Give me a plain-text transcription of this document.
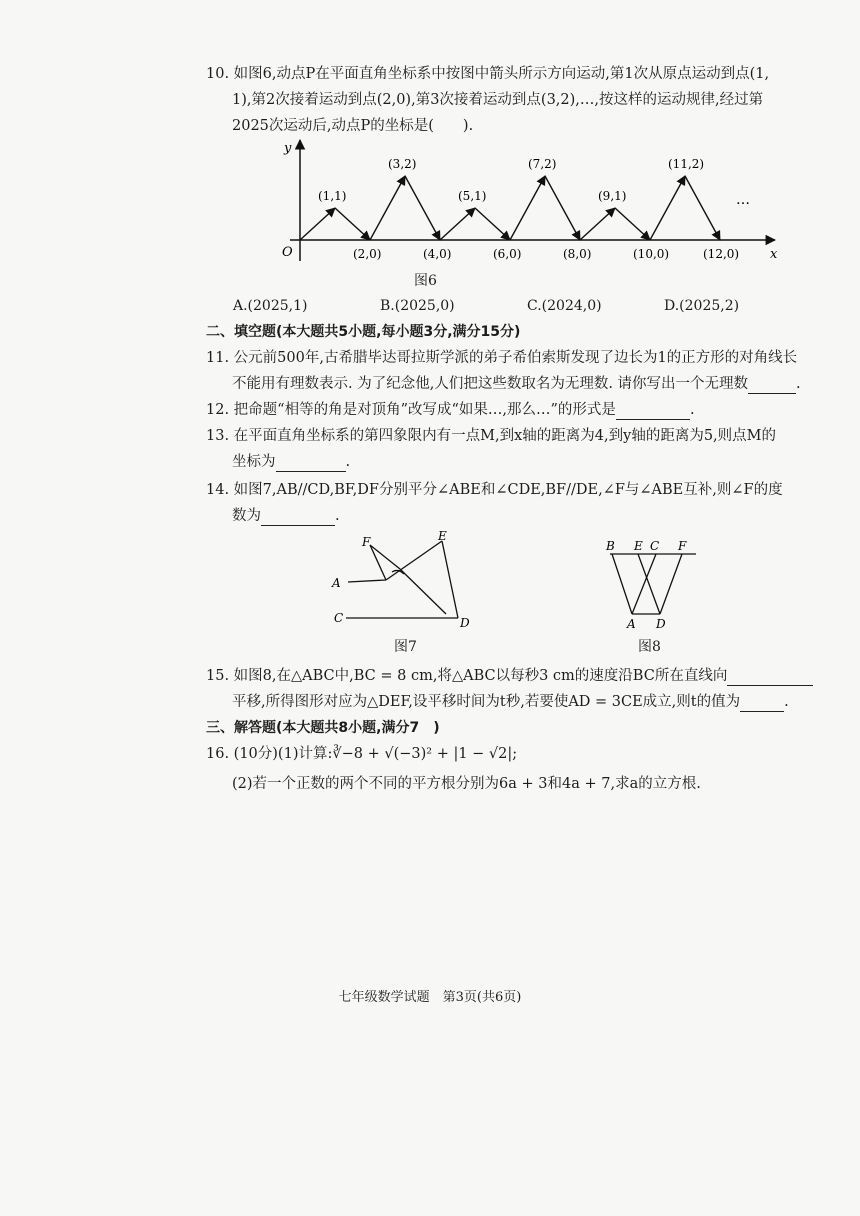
10. 如图6,动点P在平面直角坐标系中按图中箭头所示方向运动,第1次从原点运动到点(1,
1),第2次接着运动到点(2,0),第3次接着运动到点(3,2),…,按这样的运动规律,经过第
2025次运动后,动点P的坐标是(　　).
y
x
O
…
(1,1)
(2,0)
(3,2)
(4,0)
(5,1)
(6,0)
(7,2)
(8,0)
(9,1)
(10,0)
(11,2)
(12,0)
图6
A.(2025,1)	B.(2025,0)	C.(2024,0)	D.(2025,2)
二、填空题(本大题共5小题,每小题3分,满分15分)
11. 公元前500年,古希腊毕达哥拉斯学派的弟子希伯索斯发现了边长为1的正方形的对角线长
不能用有理数表示. 为了纪念他,人们把这些数取名为无理数. 请你写出一个无理数	.
12. 把命题“相等的角是对顶角”改写成“如果…,那么…”的形式是	.
13. 在平面直角坐标系的第四象限内有一点M,到x轴的距离为4,到y轴的距离为5,则点M的
坐标为	.
14. 如图7,AB//CD,BF,DF分别平分∠ABE和∠CDE,BF//DE,∠F与∠ABE互补,则∠F的度
数为	.
F	E
A
C	D
图7
B E C F
A D
图8
15. 如图8,在△ABC中,BC = 8 cm,将△ABC以每秒3 cm的速度沿BC所在直线向
平移,所得图形对应为△DEF,设平移时间为t秒,若要使AD = 3CE成立,则t的值为	.
三、解答题(本大题共8小题,满分7　)
16. (10分)(1)计算:∛−8 + √(−3)² + |1 − √2|;
(2)若一个正数的两个不同的平方根分别为6a + 3和4a + 7,求a的立方根.
七年级数学试题　第3页(共6页)
